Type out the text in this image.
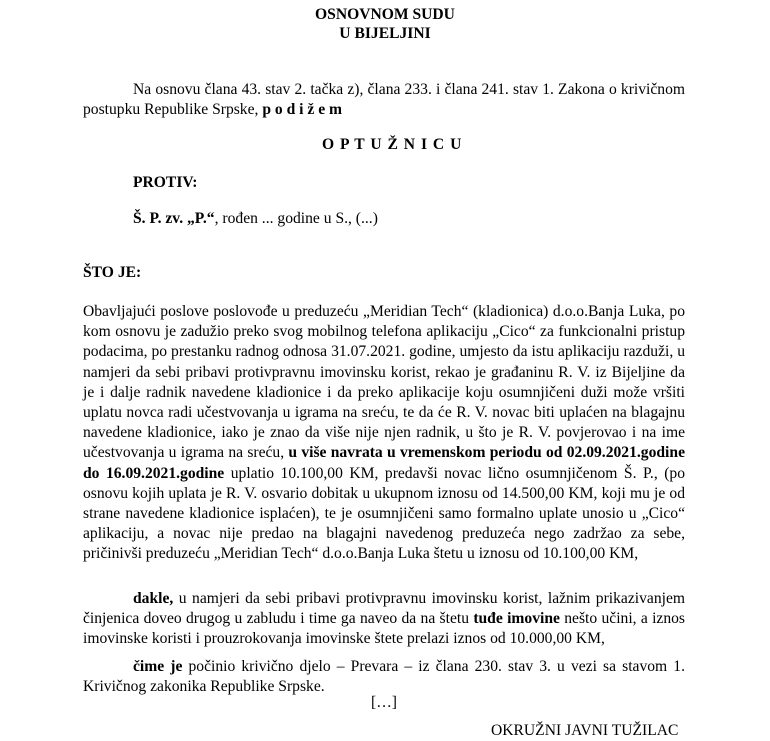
OSNOVNOM SUDU
U BIJELJINI
Na osnovu člana 43. stav 2. tačka z), člana 233. i člana 241. stav 1. Zakona o krivičnom postupku Republike Srpske, p o d i ž e m
O P T U Ž N I C U
PROTIV:
Š. P. zv. „P.“, rođen ... godine u S., (...)
ŠTO JE:
Obavljajući poslove poslovođe u preduzeću „Meridian Tech“ (kladionica) d.o.o.Banja Luka, po kom osnovu je zadužio preko svog mobilnog telefona aplikaciju „Cico“ za funkcionalni pristup podacima, po prestanku radnog odnosa 31.07.2021. godine, umjesto da istu aplikaciju razduži, u namjeri da sebi pribavi protivpravnu imovinsku korist, rekao je građaninu R. V. iz Bijeljine da je i dalje radnik navedene kladionice i da preko aplikacije koju osumnjičeni duži može vršiti uplatu novca radi učestvovanja u igrama na sreću, te da će R. V. novac biti uplaćen na blagajnu navedene kladionice, iako je znao da više nije njen radnik, u što je R. V. povjerovao i na ime učestvovanja u igrama na sreću, u više navrata u vremenskom periodu od 02.09.2021.godine do 16.09.2021.godine uplatio 10.100,00 KM, predavši novac lično osumnjičenom Š. P., (po osnovu kojih uplata je R. V. osvario dobitak u ukupnom iznosu od 14.500,00 KM, koji mu je od strane navedene kladionice isplaćen), te je osumnjičeni samo formalno uplate unosio u „Cico“ aplikaciju, a novac nije predao na blagajni navedenog preduzeća nego zadržao za sebe, pričinivši preduzeću „Meridian Tech“ d.o.o.Banja Luka štetu u iznosu od 10.100,00 KM,
dakle, u namjeri da sebi pribavi protivpravnu imovinsku korist, lažnim prikazivanjem činjenica doveo drugog u zabludu i time ga naveo da na štetu tuđe imovine nešto učini, a iznos imovinske koristi i prouzrokovanja imovinske štete prelazi iznos od 10.000,00 KM,
čime je počinio krivično djelo – Prevara – iz člana 230. stav 3. u vezi sa stavom 1. Krivičnog zakonika Republike Srpske.
[…]
OKRUŽNI JAVNI TUŽILAC
